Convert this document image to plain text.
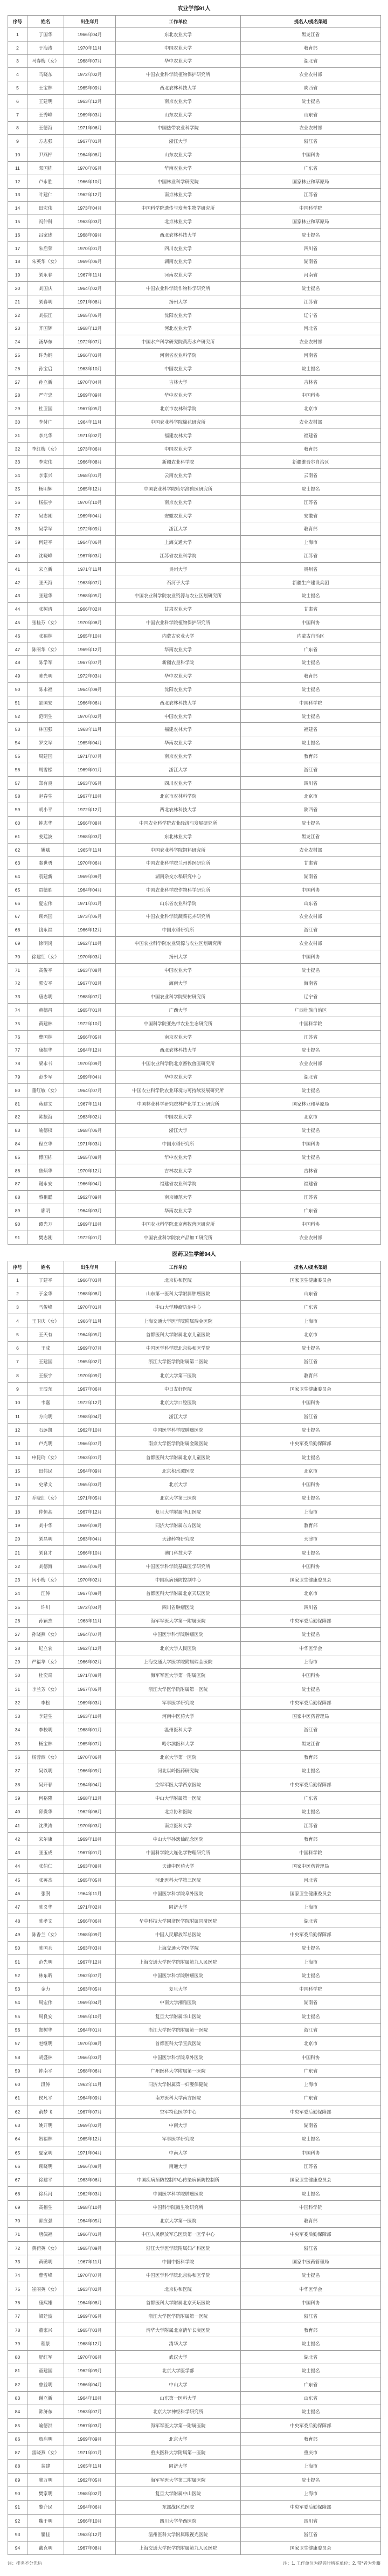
农业学部91人
序号	姓名	出生年月	工作单位	提名人/提名渠道
1	丁国华	1966年04月	东北农业大学	黑龙江省
2	于海涛	1970年11月	中国农业大学	教育部
3	马春梅（女）	1968年07月	华中农业大学	湖北省
4	马晓东	1972年02月	中国农业科学院植物保护研究所	农业农村部
5	王宝林	1965年09月	西北农林科技大学	陕西省
6	王建明	1963年12月	南京农业大学	院士提名
7	王秀峰	1969年03月	山东农业大学	山东省
8	王德海	1971年06月	中国热带农业科学院	农业农村部
9	方志强	1967年01月	浙江大学	浙江省
10	尹燕枰	1964年08月	山东农业大学	中国科协
11	邓国栋	1970年05月	华南农业大学	广东省
12	卢永胜	1966年10月	中国林业科学研究院	国家林业和草原局
13	叶建仁	1962年12月	南京林业大学	江苏省
14	田宏伟	1973年04月	中国科学院遗传与发育生物学研究所	中国科学院
15	冯仲科	1963年03月	北京林业大学	国家林业和草原局
16	吕家珑	1968年09月	西北农林科技大学	院士提名
17	朱启荣	1970年01月	四川农业大学	四川省
18	朱英华（女）	1969年06月	湖南农业大学	湖南省
19	刘永春	1967年11月	河南农业大学	河南省
20	刘国庆	1964年02月	中国农业科学院作物科学研究所	院士提名
21	刘春明	1971年08月	扬州大学	江苏省
22	刘振江	1965年05月	沈阳农业大学	辽宁省
23	齐国辉	1968年12月	河北农业大学	河北省
24	汤华东	1972年07月	中国水产科学研究院黄海水产研究所	农业农村部
25	许为钢	1966年03月	河南省农业科学院	河南省
26	孙宝启	1963年10月	中国农业大学	院士提名
27	孙立新	1970年04月	吉林大学	吉林省
28	严守忠	1969年09月	华中农业大学	中国科协
29	杜卫国	1967年05月	北京市农林科学院	北京市
30	李付广	1964年11月	中国农业科学院棉花研究所	农业农村部
31	李兆华	1971年02月	福建农林大学	福建省
32	李红梅（女）	1973年06月	中国农业大学	教育部
33	李宏伟	1966年08月	新疆农业科学院	新疆维吾尔自治区
34	李家兴	1968年01月	云南农业大学	云南省
35	杨明辉	1965年12月	中国农业科学院哈尔滨兽医研究所	院士提名
36	杨振宇	1970年10月	南京农业大学	江苏省
37	吴志刚	1969年04月	安徽农业大学	安徽省
38	吴学军	1972年09月	浙江大学	教育部
39	何建平	1964年06月	上海交通大学	上海市
40	沈晓峰	1967年03月	江苏省农业科学院	江苏省
41	宋立新	1971年11月	贵州大学	贵州省
42	张天海	1963年07月	石河子大学	新疆生产建设兵团
43	张建华	1968年05月	中国农业科学院农业资源与农业区划研究所	院士提名
44	张树清	1966年02月	甘肃农业大学	甘肃省
45	张桂芬（女）	1970年08月	中国农业科学院植物保护研究所	中国科协
46	张福林	1965年10月	内蒙古农业大学	内蒙古自治区
47	陈丽华（女）	1969年12月	华南农业大学	广东省
48	陈学军	1967年07月	新疆农垦科学院	院士提名
49	陈光明	1972年03月	华中农业大学	教育部
50	陈永福	1964年09月	沈阳农业大学	院士提名
51	邵国安	1966年06月	西北农林科技大学	中国科学院
52	范明生	1970年02月	中国农业大学	院士提名
53	林国强	1968年11月	福建农林大学	福建省
54	罗文军	1965年04月	华南农业大学	院士提名
55	周建国	1971年07月	南京农业大学	教育部
56	周雪松	1969年01月	浙江大学	浙江省
57	郑有良	1963年05月	四川农业大学	四川省
58	赵春生	1967年10月	北京市农林科学院	北京市
59	胡小平	1972年12月	西北农林科技大学	陕西省
60	钟志华	1966年08月	中国农业科学院农业经济与发展研究所	院士提名
61	姜廷波	1968年03月	东北林业大学	黑龙江省
62	姚斌	1965年11月	中国农业科学院饲料研究所	农业农村部
63	秦世勇	1970年06月	中国农业科学院兰州兽医研究所	甘肃省
64	袁建新	1969年09月	湖南杂交水稻研究中心	湖南省
65	贾德胜	1964年04月	中国农业科学院作物科学研究所	中国科协
66	夏宏伟	1971年01月	山东省农业科学院	山东省
67	顾兴国	1973年05月	中国农业科学院蔬菜花卉研究所	农业农村部
68	钱永福	1966年12月	中国水稻研究所	浙江省
69	徐明岗	1962年10月	中国农业科学院农业资源与农业区划研究所	农业农村部
70	徐建红（女）	1970年03月	扬州大学	中国科协
71	高俊平	1963年08月	中国农业大学	院士提名
72	郭安平	1967年02月	海南大学	海南省
73	唐志明	1968年07月	中国农业科学院果树研究所	辽宁省
74	黄德昌	1965年01月	广西大学	广西壮族自治区
75	黄建林	1972年10月	中国科学院亚热带农业生态研究所	中国科学院
76	曹国林	1966年05月	南京农业大学	江苏省
77	康振华	1964年12月	西北农林科技大学	院士提名
78	梁永书	1970年09月	中国农业科学院北京畜牧兽医研究所	农业农村部
79	彭少军	1969年04月	华中农业大学	湖北省
80	董红敏（女）	1964年07月	中国农业科学院农业环境与可持续发展研究所	院士提名
81	蒋建文	1967年11月	中国林业科学研究院林产化学工业研究所	国家林业和草原局
82	韩振海	1963年02月	中国农业大学	北京市
83	喻德权	1968年06月	浙江大学	院士提名
84	程立华	1971年03月	中国水稻研究所	中国科协
85	傅国栋	1965年08月	华中农业大学	院士提名
86	焦炳华	1970年12月	吉林农业大学	吉林省
87	谢永安	1966年04月	福建省农业科学院	福建省
88	蔡祖聪	1962年09月	南京师范大学	江苏省
89	廖明	1964年03月	华南农业大学	广东省
90	谭光万	1969年10月	中国农业科学院北京畜牧兽医研究所	中国科协
91	樊志刚	1972年01月	中国农业科学院农产品加工研究所	农业农村部
医药卫生学部94人
序号	姓名	出生年月	工作单位	提名人/提名渠道
1	丁建平	1966年03月	北京协和医院	国家卫生健康委员会
2	于金华	1968年08月	山东第一医科大学附属肿瘤医院	山东省
3	马俊峰	1970年01月	中山大学肿瘤防治中心	广东省
4	王卫庆（女）	1966年11月	上海交通大学医学院附属瑞金医院	上海市
5	王天有	1964年05月	首都医科大学附属北京儿童医院	北京市
6	王成	1969年07月	中国医学科学院北京协和医学院	院士提名
7	王建国	1965年02月	浙江大学医学院附属第二医院	浙江省
8	王振宇	1970年09月	北京大学第三医院	教育部
9	王辰东	1967年06月	中日友好医院	国家卫生健康委员会
10	韦嘉	1972年12月	北京大学口腔医院	中国科协
11	方向明	1968年04月	浙江大学	浙江省
12	石远凯	1962年10月	中国医学科学院肿瘤医院	院士提名
13	卢光明	1966年07月	南京大学医学院附属金陵医院	中央军委后勤保障部
14	申昆玲（女）	1963年01月	首都医科大学附属北京儿童医院	院士提名
15	田伟民	1964年09月	北京积水潭医院	北京市
16	史录文	1965年03月	北京大学	中国科协
17	乔晓红（女）	1971年05月	北京大学第三医院	院士提名
18	仲恒高	1967年12月	复旦大学附属华山医院	上海市
19	刘中华	1969年08月	同济大学附属东方医院	教育部
20	刘昌明	1963年04月	天津药物研究院	天津市
21	刘良才	1966年10月	澳门科技大学	院士提名
22	刘德海	1965年06月	中国医学科学院基础医学研究所	中国科协
23	闫小梅（女）	1970年02月	中国疾病预防控制中心	国家卫生健康委员会
24	江涛	1967年09月	首都医科大学附属北京天坛医院	北京市
25	许川	1972年04月	四川省肿瘤医院	四川省
26	孙颖杰	1968年11月	海军军医大学第一附属医院	中央军委后勤保障部
27	孙晓燕（女）	1964年07月	中国医学科学院肿瘤医院	院士提名
28	纪立农	1962年12月	北京大学人民医院	中华医学会
29	严福华（女）	1966年02月	上海交通大学医学院附属瑞金医院	上海市
30	杜奕奇	1971年08月	海军军医大学第一附属医院	中国科协
31	李兰芳（女）	1967年05月	浙江大学医学院附属第一医院	院士提名
32	李松	1969年03月	军事医学研究院	中央军委后勤保障部
33	李建生	1963年10月	河南中医药大学	国家中医药管理局
34	李校明	1968年01月	温州医科大学	浙江省
35	杨宝林	1965年07月	哈尔滨医科大学	黑龙江省
36	杨蓉西（女）	1970年06月	北京大学第一医院	教育部
37	吴以明	1966年09月	河北以岭医药研究院	院士提名
38	吴开春	1964年04月	空军军医大学西京医院	中央军委后勤保障部
39	何裕隆	1968年12月	中山大学附属第一医院	广东省
40	邱贵华	1962年06月	北京协和医院	院士提名
41	沈洪涛	1970年03月	南京医科大学	江苏省
42	宋尔康	1969年10月	中山大学孙逸仙纪念医院	教育部
43	张玉成	1967年01月	中国科学院大连化学物理研究所	中国科学院
44	张伯仁	1963年08月	天津中医药大学	国家中医药管理局
45	张英杰	1965年05月	河北医科大学第三医院	河北省
46	张澍	1964年11月	中国医学科学院阜外医院	国家卫生健康委员会
47	陈义华	1971年02月	同济大学	上海市
48	陈孝文	1966年06月	华中科技大学同济医学院附属同济医院	湖北省
49	陈香兰（女）	1968年09月	中国人民解放军总医院	中央军委后勤保障部
50	陈国兵	1963年03月	上海交通大学医学院	院士提名
51	范先明	1967年12月	上海交通大学医学院附属第九人民医院	上海市
52	林东昕	1962年07月	中国医学科学院肿瘤医院	院士提名
53	金力	1963年05月	复旦大学	中国科学院
54	周宏伟	1969年04月	中南大学湘雅医院	湖南省
55	周良安	1965年10月	复旦大学附属华山医院	院士提名
56	郑树华	1964年01月	浙江大学医学院附属第一医院	浙江省
57	赵继明	1970年08月	首都医科大学宣武医院	北京市
58	胡盛林	1966年03月	中国医学科学院阜外医院	中国科协
59	钟南平	1968年06月	广州医科大学附属第一医院	广东省
60	段涛	1962年11月	同济大学附属第一妇婴保健院	上海市
61	侯凡平	1964年09月	南方医科大学南方医院	广东省
62	俞梦飞	1967年07月	空军特色医学中心	中央军委后勤保障部
63	姚开明	1969年02月	中南大学	湖南省
64	贺福林	1965年12月	军事医学研究院	院士提名
65	夏家明	1971年04月	中南大学	中国科协
66	顾晓明	1966年08月	南通大学	江苏省
67	徐建平	1963年06月	中国疾病预防控制中心传染病预防控制所	国家卫生健康委员会
68	徐兵河	1962年03月	中国医学科学院肿瘤医院	院士提名
69	高福生	1968年10月	中国科学院微生物研究所	中国科学院
70	郭应强	1964年05月	北京大学第一医院	教育部
71	唐佩福	1966年01月	中国人民解放军总医院第一医学中心	中央军委后勤保障部
72	黄荷英（女）	1965年09月	浙江大学医学院附属妇产科医院	浙江省
73	黄璐明	1967年11月	中国中医科学院	国家中医药管理局
74	曹雪峰	1970年07月	中国医学科学院北京协和医学院	院士提名
75	崔丽英（女）	1963年02月	北京协和医院	中华医学会
76	康熙雄	1964年08月	首都医科大学附属北京天坛医院	中国科协
77	梁廷波	1969年05月	浙江大学医学院附属第一医院	浙江省
78	董家兴	1965年03月	清华大学附属北京清华长庚医院	教育部
79	程景	1968年12月	清华大学	院士提名
80	舒红军	1970年06月	武汉大学	湖北省
81	童建国	1962年09月	北京大学医学部	院士提名
82	曾益明	1966年04月	中山大学	广东省
83	谢立新	1964年10月	山东第一医科大学	山东省
84	韩济东	1963年07月	北京大学神经科学研究所	院士提名
85	喻德洪	1967年03月	海军军医大学第一附属医院	中央军委后勤保障部
86	詹启明	1969年09月	北京大学	教育部
87	雷晓燕（女）	1971年01月	重庆医科大学附属第一医院	重庆市
88	裴建	1965年11月	同济大学	上海市
89	廖万明	1962年05月	海军军医大学第二附属医院	院士提名
90	樊家明	1968年02月	复旦大学附属中山医院	上海市
91	黎介民	1964年06月	东部战区总医院	中央军委后勤保障部
92	魏于明	1966年10月	四川大学华西医院	四川省
93	瞿佳	1963年12月	温州医科大学附属眼视光医院	浙江省
94	戴克明	1967年08月	上海交通大学医学院附属第九人民医院	国家卫生健康委员会
注：排名不分先后	注：1. 工作单位为提名时所在单位；2. 带*者为外籍
